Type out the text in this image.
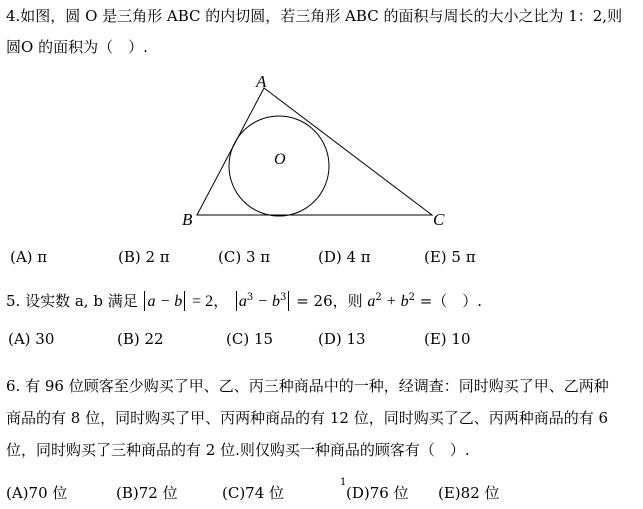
4.如图，圆 O 是三角形 ABC 的内切圆，若三角形 ABC 的面积与周长的大小之比为 1：2,则
圆O 的面积为（　）.
A
B	C
O
(A) π	(B) 2 π	(C) 3 π	(D) 4 π	(E) 5 π
5. 设实数 a, b 满足 a − b = 2， $a^3 - b^3 = 26$，则 $a^2 + b^2$ =（　）.
(A) 30	(B) 22	(C) 15	(D) 13	(E) 10
6. 有 96 位顾客至少购买了甲、乙、丙三种商品中的一种，经调查：同时购买了甲、乙两种
商品的有 8 位，同时购买了甲、丙两种商品的有 12 位，同时购买了乙、丙两种商品的有 6
位，同时购买了三种商品的有 2 位.则仅购买一种商品的顾客有（　）.
(A)70 位	(B)72 位	(C)74 位
1
(D)76 位 (E)82 位
